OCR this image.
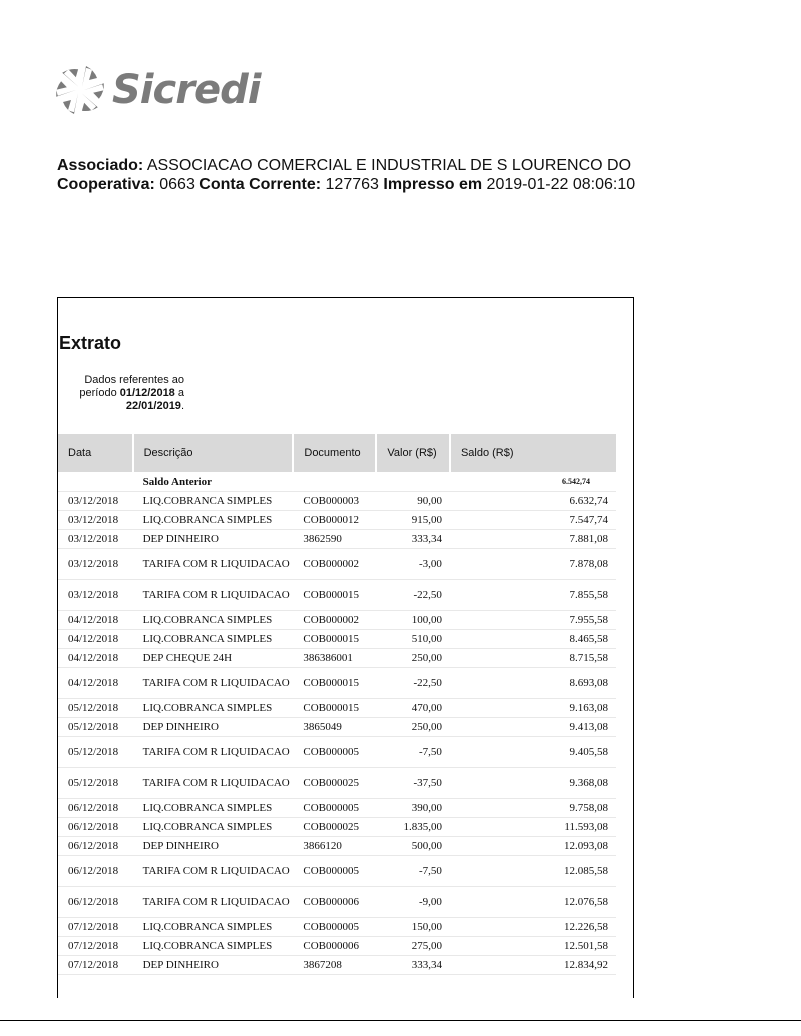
Sicredi
Associado: ASSOCIACAO COMERCIAL E INDUSTRIAL DE S LOURENCO DO
Cooperativa: 0663 Conta Corrente: 127763 Impresso em 2019-01-22 08:06:10
Extrato
Dados referentes ao período 01/12/2018 a 22/01/2019.
Data	Descrição	Documento	Valor (R$)	Saldo (R$)
	Saldo Anterior			6.542,74
03/12/2018	LIQ.COBRANCA SIMPLES	COB000003	90,00	6.632,74
03/12/2018	LIQ.COBRANCA SIMPLES	COB000012	915,00	7.547,74
03/12/2018	DEP DINHEIRO	3862590	333,34	7.881,08
03/12/2018	TARIFA COM R LIQUIDACAO	COB000002	-3,00	7.878,08
03/12/2018	TARIFA COM R LIQUIDACAO	COB000015	-22,50	7.855,58
04/12/2018	LIQ.COBRANCA SIMPLES	COB000002	100,00	7.955,58
04/12/2018	LIQ.COBRANCA SIMPLES	COB000015	510,00	8.465,58
04/12/2018	DEP CHEQUE 24H	386386001	250,00	8.715,58
04/12/2018	TARIFA COM R LIQUIDACAO	COB000015	-22,50	8.693,08
05/12/2018	LIQ.COBRANCA SIMPLES	COB000015	470,00	9.163,08
05/12/2018	DEP DINHEIRO	3865049	250,00	9.413,08
05/12/2018	TARIFA COM R LIQUIDACAO	COB000005	-7,50	9.405,58
05/12/2018	TARIFA COM R LIQUIDACAO	COB000025	-37,50	9.368,08
06/12/2018	LIQ.COBRANCA SIMPLES	COB000005	390,00	9.758,08
06/12/2018	LIQ.COBRANCA SIMPLES	COB000025	1.835,00	11.593,08
06/12/2018	DEP DINHEIRO	3866120	500,00	12.093,08
06/12/2018	TARIFA COM R LIQUIDACAO	COB000005	-7,50	12.085,58
06/12/2018	TARIFA COM R LIQUIDACAO	COB000006	-9,00	12.076,58
07/12/2018	LIQ.COBRANCA SIMPLES	COB000005	150,00	12.226,58
07/12/2018	LIQ.COBRANCA SIMPLES	COB000006	275,00	12.501,58
07/12/2018	DEP DINHEIRO	3867208	333,34	12.834,92
